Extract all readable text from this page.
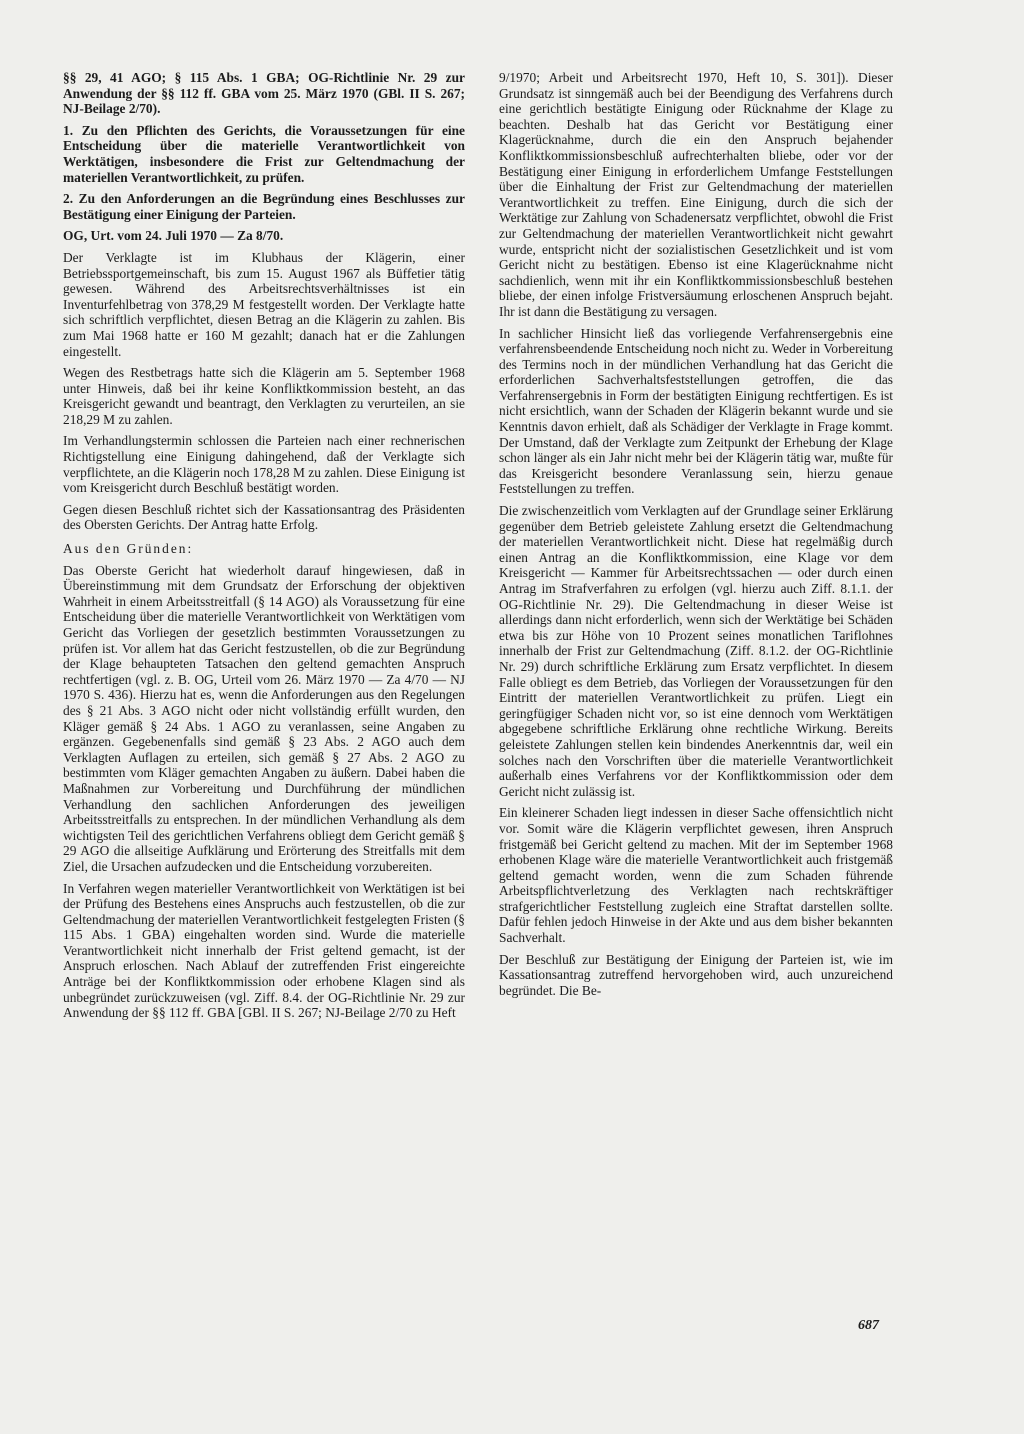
§§ 29, 41 AGO; § 115 Abs. 1 GBA; OG-Richtlinie Nr. 29 zur Anwendung der §§ 112 ff. GBA vom 25. März 1970 (GBl. II S. 267; NJ-Beilage 2/70).

1. Zu den Pflichten des Gerichts, die Voraussetzungen für eine Entscheidung über die materielle Verantwortlichkeit von Werktätigen, insbesondere die Frist zur Geltendmachung der materiellen Verantwortlichkeit, zu prüfen.

2. Zu den Anforderungen an die Begründung eines Beschlusses zur Bestätigung einer Einigung der Parteien.

OG, Urt. vom 24. Juli 1970 — Za 8/70.

Der Verklagte ist im Klubhaus der Klägerin, einer Betriebssportgemeinschaft, bis zum 15. August 1967 als Büffetier tätig gewesen. Während des Arbeitsrechtsverhältnisses ist ein Inventurfehlbetrag von 378,29 M festgestellt worden. Der Verklagte hatte sich schriftlich verpflichtet, diesen Betrag an die Klägerin zu zahlen. Bis zum Mai 1968 hatte er 160 M gezahlt; danach hat er die Zahlungen eingestellt.

Wegen des Restbetrags hatte sich die Klägerin am 5. September 1968 unter Hinweis, daß bei ihr keine Konfliktkommission besteht, an das Kreisgericht gewandt und beantragt, den Verklagten zu verurteilen, an sie 218,29 M zu zahlen.

Im Verhandlungstermin schlossen die Parteien nach einer rechnerischen Richtigstellung eine Einigung dahingehend, daß der Verklagte sich verpflichtete, an die Klägerin noch 178,28 M zu zahlen. Diese Einigung ist vom Kreisgericht durch Beschluß bestätigt worden.

Gegen diesen Beschluß richtet sich der Kassationsantrag des Präsidenten des Obersten Gerichts. Der Antrag hatte Erfolg.

Aus den Gründen:

Das Oberste Gericht hat wiederholt darauf hingewiesen, daß in Übereinstimmung mit dem Grundsatz der Erforschung der objektiven Wahrheit in einem Arbeitsstreitfall (§ 14 AGO) als Voraussetzung für eine Entscheidung über die materielle Verantwortlichkeit von Werktätigen vom Gericht das Vorliegen der gesetzlich bestimmten Voraussetzungen zu prüfen ist. Vor allem hat das Gericht festzustellen, ob die zur Begründung der Klage behaupteten Tatsachen den geltend gemachten Anspruch rechtfertigen (vgl. z. B. OG, Urteil vom 26. März 1970 — Za 4/70 — NJ 1970 S. 436). Hierzu hat es, wenn die Anforderungen aus den Regelungen des § 21 Abs. 3 AGO nicht oder nicht vollständig erfüllt wurden, den Kläger gemäß § 24 Abs. 1 AGO zu veranlassen, seine Angaben zu ergänzen. Gegebenenfalls sind gemäß § 23 Abs. 2 AGO auch dem Verklagten Auflagen zu erteilen, sich gemäß § 27 Abs. 2 AGO zu bestimmten vom Kläger gemachten Angaben zu äußern. Dabei haben die Maßnahmen zur Vorbereitung und Durchführung der mündlichen Verhandlung den sachlichen Anforderungen des jeweiligen Arbeitsstreitfalls zu entsprechen. In der mündlichen Verhandlung als dem wichtigsten Teil des gerichtlichen Verfahrens obliegt dem Gericht gemäß § 29 AGO die allseitige Aufklärung und Erörterung des Streitfalls mit dem Ziel, die Ursachen aufzudecken und die Entscheidung vorzubereiten.

In Verfahren wegen materieller Verantwortlichkeit von Werktätigen ist bei der Prüfung des Bestehens eines Anspruchs auch festzustellen, ob die zur Geltendmachung der materiellen Verantwortlichkeit festgelegten Fristen (§ 115 Abs. 1 GBA) eingehalten worden sind. Wurde die materielle Verantwortlichkeit nicht innerhalb der Frist geltend gemacht, ist der Anspruch erloschen. Nach Ablauf der zutreffenden Frist eingereichte Anträge bei der Konfliktkommission oder erhobene Klagen sind als unbegründet zurückzuweisen (vgl. Ziff. 8.4. der OG-Richtlinie Nr. 29 zur Anwendung der §§ 112 ff. GBA [GBl. II S. 267; NJ-Beilage 2/70 zu Heft

9/1970; Arbeit und Arbeitsrecht 1970, Heft 10, S. 301]). Dieser Grundsatz ist sinngemäß auch bei der Beendigung des Verfahrens durch eine gerichtlich bestätigte Einigung oder Rücknahme der Klage zu beachten. Deshalb hat das Gericht vor Bestätigung einer Klagerücknahme, durch die ein den Anspruch bejahender Konfliktkommissionsbeschluß aufrechterhalten bliebe, oder vor der Bestätigung einer Einigung in erforderlichem Umfange Feststellungen über die Einhaltung der Frist zur Geltendmachung der materiellen Verantwortlichkeit zu treffen. Eine Einigung, durch die sich der Werktätige zur Zahlung von Schadenersatz verpflichtet, obwohl die Frist zur Geltendmachung der materiellen Verantwortlichkeit nicht gewahrt wurde, entspricht nicht der sozialistischen Gesetzlichkeit und ist vom Gericht nicht zu bestätigen. Ebenso ist eine Klagerücknahme nicht sachdienlich, wenn mit ihr ein Konfliktkommissionsbeschluß bestehen bliebe, der einen infolge Fristversäumung erloschenen Anspruch bejaht. Ihr ist dann die Bestätigung zu versagen.

In sachlicher Hinsicht ließ das vorliegende Verfahrensergebnis eine verfahrensbeendende Entscheidung noch nicht zu. Weder in Vorbereitung des Termins noch in der mündlichen Verhandlung hat das Gericht die erforderlichen Sachverhaltsfeststellungen getroffen, die das Verfahrensergebnis in Form der bestätigten Einigung rechtfertigen. Es ist nicht ersichtlich, wann der Schaden der Klägerin bekannt wurde und sie Kenntnis davon erhielt, daß als Schädiger der Verklagte in Frage kommt. Der Umstand, daß der Verklagte zum Zeitpunkt der Erhebung der Klage schon länger als ein Jahr nicht mehr bei der Klägerin tätig war, mußte für das Kreisgericht besondere Veranlassung sein, hierzu genaue Feststellungen zu treffen.

Die zwischenzeitlich vom Verklagten auf der Grundlage seiner Erklärung gegenüber dem Betrieb geleistete Zahlung ersetzt die Geltendmachung der materiellen Verantwortlichkeit nicht. Diese hat regelmäßig durch einen Antrag an die Konfliktkommission, eine Klage vor dem Kreisgericht — Kammer für Arbeitsrechtssachen — oder durch einen Antrag im Strafverfahren zu erfolgen (vgl. hierzu auch Ziff. 8.1.1. der OG-Richtlinie Nr. 29). Die Geltendmachung in dieser Weise ist allerdings dann nicht erforderlich, wenn sich der Werktätige bei Schäden etwa bis zur Höhe von 10 Prozent seines monatlichen Tariflohnes innerhalb der Frist zur Geltendmachung (Ziff. 8.1.2. der OG-Richtlinie Nr. 29) durch schriftliche Erklärung zum Ersatz verpflichtet. In diesem Falle obliegt es dem Betrieb, das Vorliegen der Voraussetzungen für den Eintritt der materiellen Verantwortlichkeit zu prüfen. Liegt ein geringfügiger Schaden nicht vor, so ist eine dennoch vom Werktätigen abgegebene schriftliche Erklärung ohne rechtliche Wirkung. Bereits geleistete Zahlungen stellen kein bindendes Anerkenntnis dar, weil ein solches nach den Vorschriften über die materielle Verantwortlichkeit außerhalb eines Verfahrens vor der Konfliktkommission oder dem Gericht nicht zulässig ist.

Ein kleinerer Schaden liegt indessen in dieser Sache offensichtlich nicht vor. Somit wäre die Klägerin verpflichtet gewesen, ihren Anspruch fristgemäß bei Gericht geltend zu machen. Mit der im September 1968 erhobenen Klage wäre die materielle Verantwortlichkeit auch fristgemäß geltend gemacht worden, wenn die zum Schaden führende Arbeitspflichtverletzung des Verklagten nach rechtskräftiger strafgerichtlicher Feststellung zugleich eine Straftat darstellen sollte. Dafür fehlen jedoch Hinweise in der Akte und aus dem bisher bekannten Sachverhalt.

Der Beschluß zur Bestätigung der Einigung der Parteien ist, wie im Kassationsantrag zutreffend hervorgehoben wird, auch unzureichend begründet. Die Be-

687
